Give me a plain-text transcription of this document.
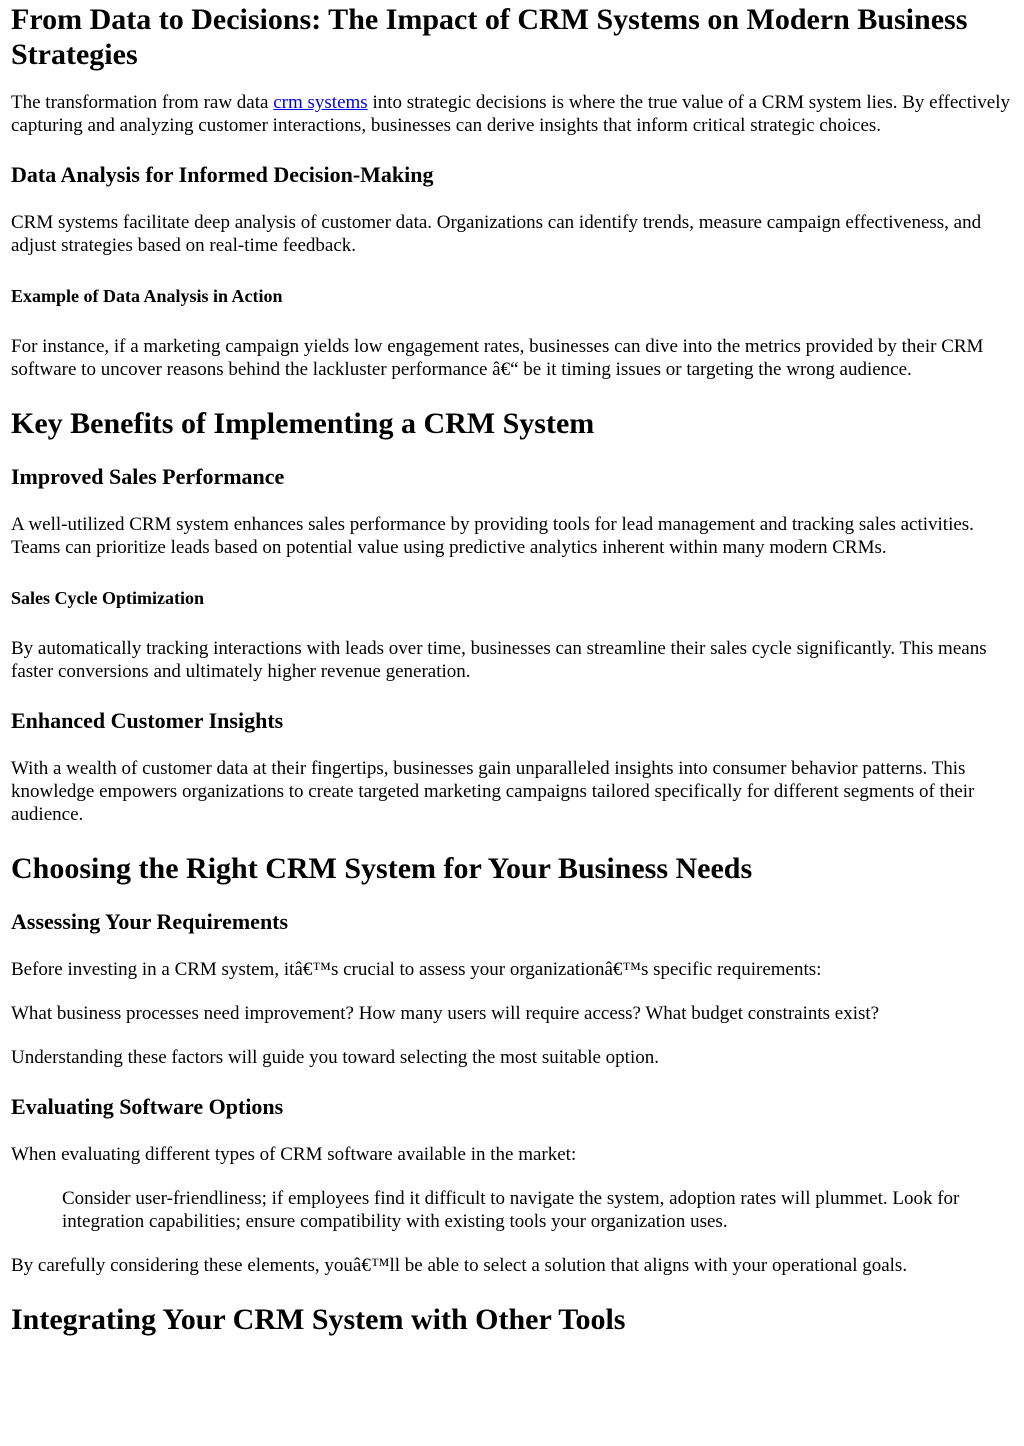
From Data to Decisions: The Impact of CRM Systems on Modern Business Strategies

The transformation from raw data crm systems into strategic decisions is where the true value of a CRM system lies. By effectively capturing and analyzing customer interactions, businesses can derive insights that inform critical strategic choices.

Data Analysis for Informed Decision-Making

CRM systems facilitate deep analysis of customer data. Organizations can identify trends, measure campaign effectiveness, and adjust strategies based on real-time feedback.

Example of Data Analysis in Action

For instance, if a marketing campaign yields low engagement rates, businesses can dive into the metrics provided by their CRM software to uncover reasons behind the lackluster performance â€“ be it timing issues or targeting the wrong audience.

Key Benefits of Implementing a CRM System
Improved Sales Performance

A well-utilized CRM system enhances sales performance by providing tools for lead management and tracking sales activities. Teams can prioritize leads based on potential value using predictive analytics inherent within many modern CRMs.

Sales Cycle Optimization

By automatically tracking interactions with leads over time, businesses can streamline their sales cycle significantly. This means faster conversions and ultimately higher revenue generation.

Enhanced Customer Insights

With a wealth of customer data at their fingertips, businesses gain unparalleled insights into consumer behavior patterns. This knowledge empowers organizations to create targeted marketing campaigns tailored specifically for different segments of their audience.

Choosing the Right CRM System for Your Business Needs
Assessing Your Requirements

Before investing in a CRM system, itâ€™s crucial to assess your organizationâ€™s specific requirements:

What business processes need improvement? How many users will require access? What budget constraints exist?

Understanding these factors will guide you toward selecting the most suitable option.

Evaluating Software Options

When evaluating different types of CRM software available in the market:

Consider user-friendliness; if employees find it difficult to navigate the system, adoption rates will plummet. Look for integration capabilities; ensure compatibility with existing tools your organization uses.

By carefully considering these elements, youâ€™ll be able to select a solution that aligns with your operational goals.

Integrating Your CRM System with Other Tools
